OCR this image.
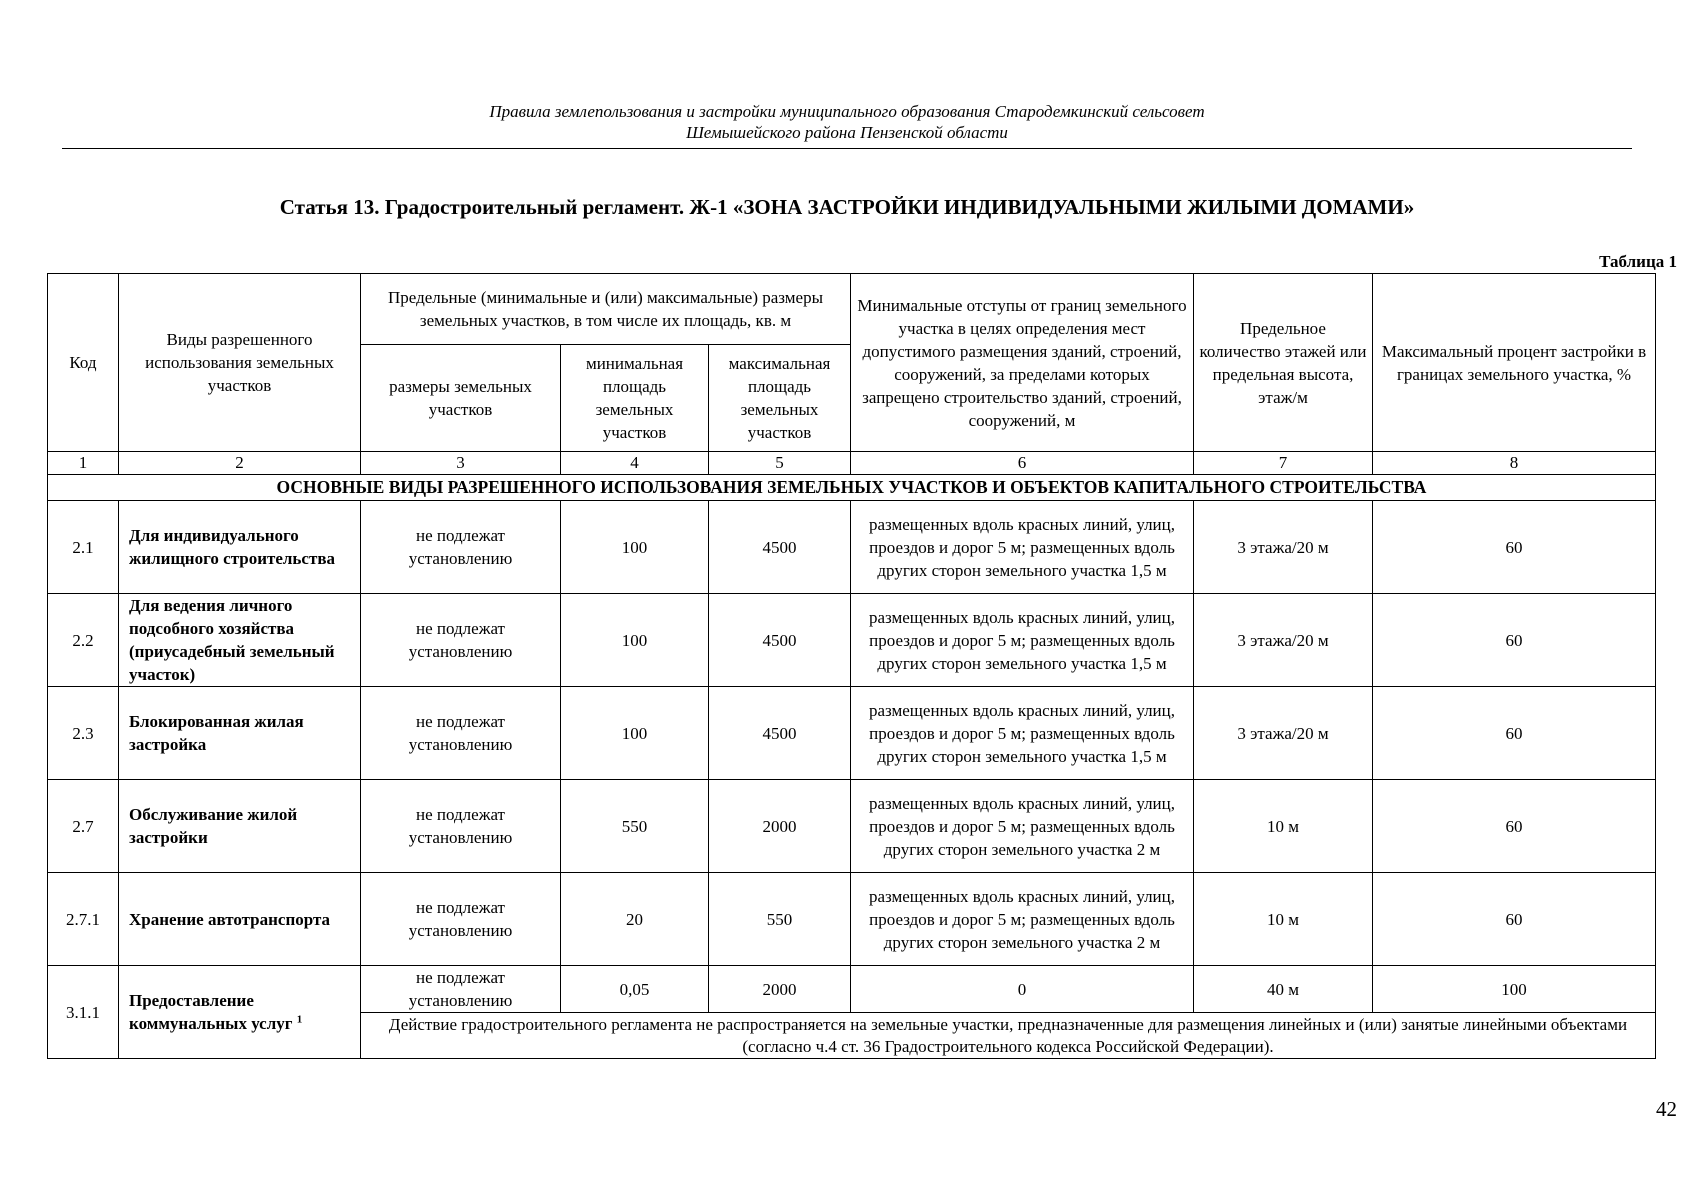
Правила землепользования и застройки муниципального образования Стародемкинский сельсовет
Шемышейского района Пензенской области
Статья 13. Градостроительный регламент. Ж-1 «ЗОНА ЗАСТРОЙКИ ИНДИВИДУАЛЬНЫМИ ЖИЛЫМИ ДОМАМИ»
Таблица 1
Код	Виды разрешенного использования земельных участков	Предельные (минимальные и (или) максимальные) размеры земельных участков, в том числе их площадь, кв. м			Минимальные отступы от границ земельного участка в целях определения мест допустимого размещения зданий, строений, сооружений, за пределами которых запрещено строительство зданий, строений, сооружений, м	Предельное количество этажей или предельная высота, этаж/м	Максимальный процент застройки в границах земельного участка, %
		размеры земельных участков	минимальная площадь земельных участков	максимальная площадь земельных участков			
1	2	3	4	5	6	7	8
ОСНОВНЫЕ ВИДЫ РАЗРЕШЕННОГО ИСПОЛЬЗОВАНИЯ ЗЕМЕЛЬНЫХ УЧАСТКОВ И ОБЪЕКТОВ КАПИТАЛЬНОГО СТРОИТЕЛЬСТВА							
2.1	Для индивидуального жилищного строительства	не подлежат установлению	100	4500	размещенных вдоль красных линий, улиц, проездов и дорог 5 м; размещенных вдоль других сторон земельного участка 1,5 м	3 этажа/20 м	60
2.2	Для ведения личного подсобного хозяйства (приусадебный земельный участок)	не подлежат установлению	100	4500	размещенных вдоль красных линий, улиц, проездов и дорог 5 м; размещенных вдоль других сторон земельного участка 1,5 м	3 этажа/20 м	60
2.3	Блокированная жилая застройка	не подлежат установлению	100	4500	размещенных вдоль красных линий, улиц, проездов и дорог 5 м; размещенных вдоль других сторон земельного участка 1,5 м	3 этажа/20 м	60
2.7	Обслуживание жилой застройки	не подлежат установлению	550	2000	размещенных вдоль красных линий, улиц, проездов и дорог 5 м; размещенных вдоль других сторон земельного участка 2 м	10 м	60
2.7.1	Хранение автотранспорта	не подлежат установлению	20	550	размещенных вдоль красных линий, улиц, проездов и дорог 5 м; размещенных вдоль других сторон земельного участка 2 м	10 м	60
3.1.1	Предоставление коммунальных услуг $^1$	не подлежат установлению	0,05	2000	0	40 м	100
		Действие градостроительного регламента не распространяется на земельные участки, предназначенные для размещения линейных и (или) занятые линейными объектами (согласно ч.4 ст. 36 Градостроительного кодекса Российской Федерации).					
42
